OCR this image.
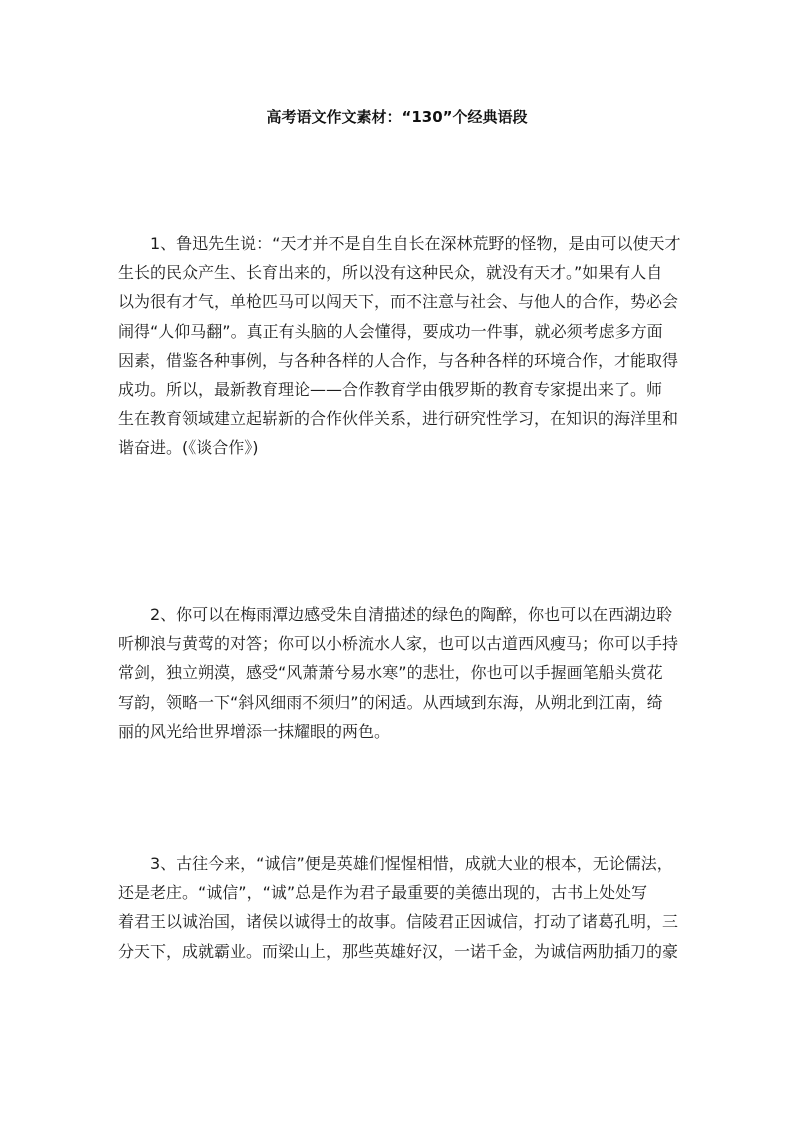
高考语文作文素材：“130”个经典语段
1、鲁迅先生说：“天才并不是自生自长在深林荒野的怪物，是由可以使天才
生长的民众产生、长育出来的，所以没有这种民众，就没有天才。”如果有人自
以为很有才气，单枪匹马可以闯天下，而不注意与社会、与他人的合作，势必会
闹得“人仰马翻”。真正有头脑的人会懂得，要成功一件事，就必须考虑多方面
因素，借鉴各种事例，与各种各样的人合作，与各种各样的环境合作，才能取得
成功。所以，最新教育理论——合作教育学由俄罗斯的教育专家提出来了。师
生在教育领域建立起崭新的合作伙伴关系，进行研究性学习，在知识的海洋里和
谐奋进。(《谈合作》)
2、你可以在梅雨潭边感受朱自清描述的绿色的陶醉，你也可以在西湖边聆
听柳浪与黄莺的对答；你可以小桥流水人家，也可以古道西风瘦马；你可以手持
常剑，独立朔漠，感受“风萧萧兮易水寒”的悲壮，你也可以手握画笔船头赏花
写韵，领略一下“斜风细雨不须归”的闲适。从西域到东海，从朔北到江南，绮
丽的风光给世界增添一抹耀眼的两色。
3、古往今来，“诚信”便是英雄们惺惺相惜，成就大业的根本，无论儒法，
还是老庄。“诚信”，“诚”总是作为君子最重要的美德出现的，古书上处处写
着君王以诚治国，诸侯以诚得士的故事。信陵君正因诚信，打动了诸葛孔明，三
分天下，成就霸业。而梁山上，那些英雄好汉，一诺千金，为诚信两肋插刀的豪
